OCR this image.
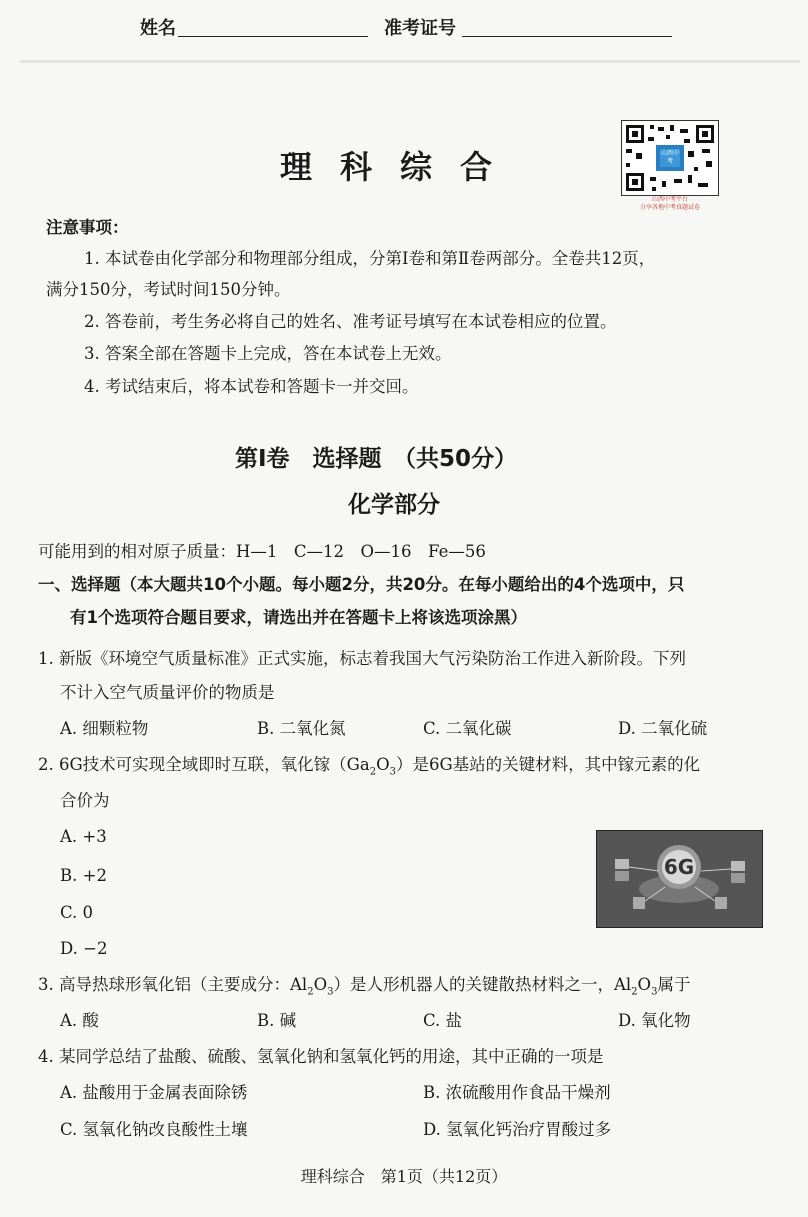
姓名	准考证号
理科综合	山西中考
山西中考平台
分享各地中考真题试卷
注意事项：
1. 本试卷由化学部分和物理部分组成，分第Ⅰ卷和第Ⅱ卷两部分。全卷共12页，
满分150分，考试时间150分钟。
2. 答卷前，考生务必将自己的姓名、准考证号填写在本试卷相应的位置。
3. 答案全部在答题卡上完成，答在本试卷上无效。
4. 考试结束后，将本试卷和答题卡一并交回。
第Ⅰ卷　选择题　（共50分）
化学部分
可能用到的相对原子质量：H—1　C—12　O—16　Fe—56
一、选择题（本大题共10个小题。每小题2分，共20分。在每小题给出的4个选项中，只
有1个选项符合题目要求，请选出并在答题卡上将该选项涂黑）
1. 新版《环境空气质量标准》正式实施，标志着我国大气污染防治工作进入新阶段。下列
不计入空气质量评价的物质是
A. 细颗粒物	B. 二氧化氮	C. 二氧化碳	D. 二氧化硫
2. 6G技术可实现全域即时互联，氧化镓$(Ga_2O_3)$是6G基站的关键材料，其中镓元素的化
合价为
A. +3
B. +2
C. 0
D. −2
6G
3. 高导热球形氧化铝（主要成分：$Al_2O_3$）是人形机器人的关键散热材料之一，$Al_2O_3$属于
A. 酸	B. 碱	C. 盐	D. 氧化物
4. 某同学总结了盐酸、硫酸、氢氧化钠和氢氧化钙的用途，其中正确的一项是
A. 盐酸用于金属表面除锈	B. 浓硫酸用作食品干燥剂
C. 氢氧化钠改良酸性土壤	D. 氢氧化钙治疗胃酸过多
理科综合　第1页（共12页）
